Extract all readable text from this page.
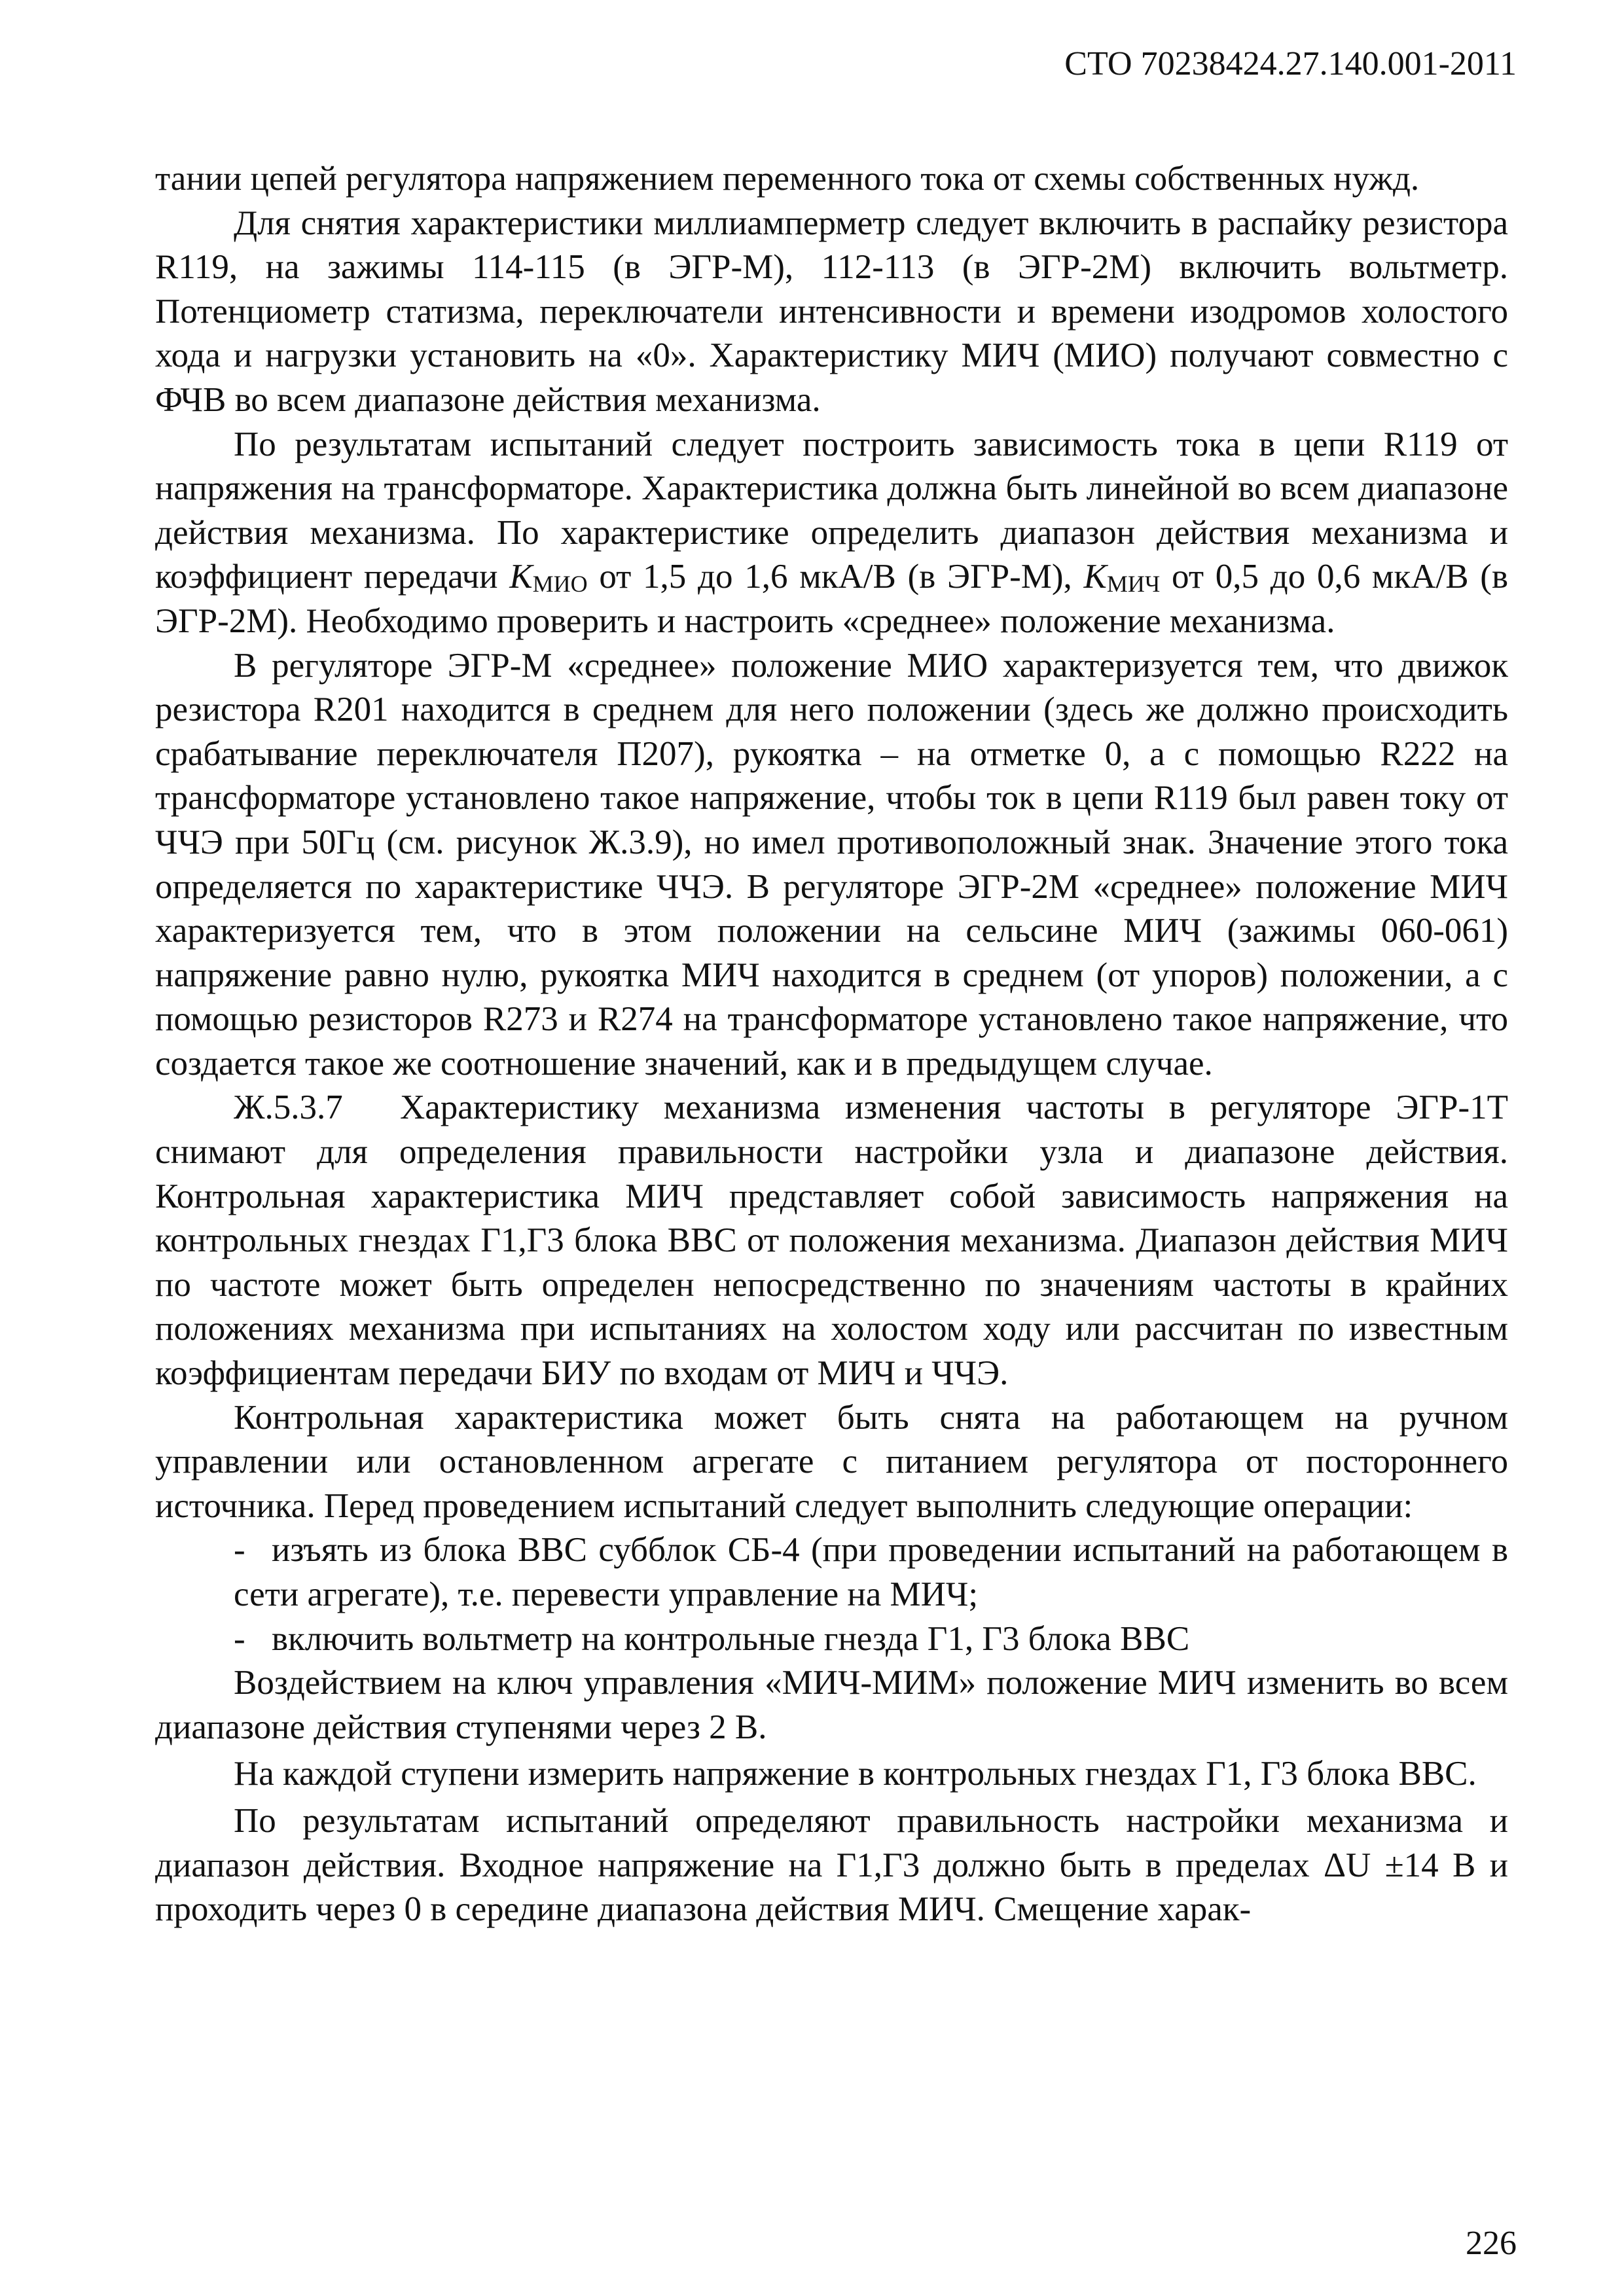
СТО 70238424.27.140.001-2011

тании цепей регулятора напряжением переменного тока от схемы собственных нужд.

Для снятия характеристики миллиамперметр следует включить в распайку резистора R119, на зажимы 114-115 (в ЭГР-М), 112-113 (в ЭГР-2М) включить вольтметр. Потенциометр статизма, переключатели интенсивности и времени изодромов холостого хода и нагрузки установить на «0». Характеристику МИЧ (МИО) получают совместно с ФЧВ во всем диапазоне действия механизма.

По результатам испытаний следует построить зависимость тока в цепи R119 от напряжения на трансформаторе. Характеристика должна быть линейной во всем диапазоне действия механизма. По характеристике определить диапазон действия механизма и коэффициент передачи $K_{МИО}$ от 1,5 до 1,6 мкА/В (в ЭГР-М), $K_{МИЧ}$ от 0,5 до 0,6 мкА/В (в ЭГР-2М). Необходимо проверить и настроить «среднее» положение механизма.

В регуляторе ЭГР-М «среднее» положение МИО характеризуется тем, что движок резистора R201 находится в среднем для него положении (здесь же должно происходить срабатывание переключателя П207), рукоятка – на отметке 0, а с помощью R222 на трансформаторе установлено такое напряжение, чтобы ток в цепи R119 был равен току от ЧЧЭ при 50Гц (см. рисунок Ж.3.9), но имел противоположный знак. Значение этого тока определяется по характеристике ЧЧЭ. В регуляторе ЭГР-2М «среднее» положение МИЧ характеризуется тем, что в этом положении на сельсине МИЧ (зажимы 060-061) напряжение равно нулю, рукоятка МИЧ находится в среднем (от упоров) положении, а с помощью резисторов R273 и R274 на трансформаторе установлено такое напряжение, что создается такое же соотношение значений, как и в предыдущем случае.

Ж.5.3.7 Характеристику механизма изменения частоты в регуляторе ЭГР-1Т снимают для определения правильности настройки узла и диапазоне действия. Контрольная характеристика МИЧ представляет собой зависимость напряжения на контрольных гнездах Г1,Г3 блока ВВС от положения механизма. Диапазон действия МИЧ по частоте может быть определен непосредственно по значениям частоты в крайних положениях механизма при испытаниях на холостом ходу или рассчитан по известным коэффициентам передачи БИУ по входам от МИЧ и ЧЧЭ.

Контрольная характеристика может быть снята на работающем на ручном управлении или остановленном агрегате с питанием регулятора от постороннего источника. Перед проведением испытаний следует выполнить следующие операции:

- изъять из блока ВВС субблок СБ-4 (при проведении испытаний на работающем в сети агрегате), т.е. перевести управление на МИЧ;

- включить вольтметр на контрольные гнезда Г1, Г3 блока ВВС

Воздействием на ключ управления «МИЧ-МИМ» положение МИЧ изменить во всем диапазоне действия ступенями через 2 В.

На каждой ступени измерить напряжение в контрольных гнездах Г1, Г3 блока ВВС.

По результатам испытаний определяют правильность настройки механизма и диапазон действия. Входное напряжение на Г1,Г3 должно быть в пределах ΔU ±14 В и проходить через 0 в середине диапазона действия МИЧ. Смещение харак-

226
